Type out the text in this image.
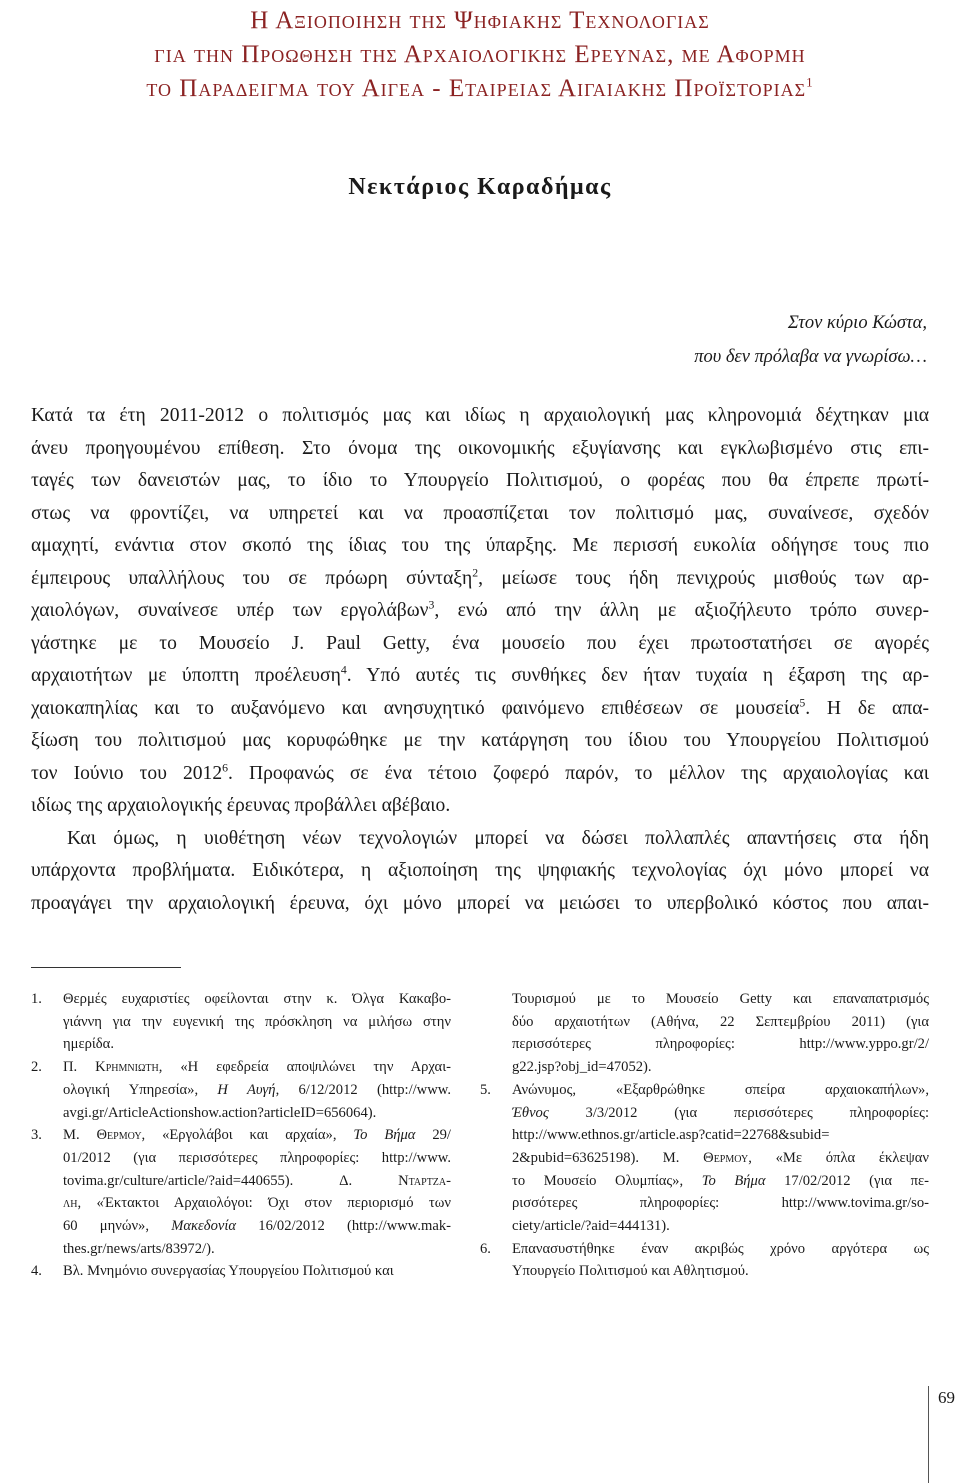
Η Αξιοποιηση της Ψηφιακης Τεχνολογιας
για την Προωθηση της Αρχαιολογικης Ερευνας, με Αφορμη
το Παραδειγμα του Αιγεα - Εταιρειας Αιγαιακης Προϊστοριας$^1$
Νεκτάριος Καραδήμας
Στον κύριο Κώστα,
που δεν πρόλαβα να γνωρίσω…

Κατά τα έτη 2011-2012 ο πολιτισμός μας και ιδίως η αρχαιολογική μας κληρονομιά δέχτηκαν μια
άνευ προηγουμένου επίθεση. Στο όνομα της οικονομικής εξυγίανσης και εγκλωβισμένο στις επι-
ταγές των δανειστών μας, το ίδιο το Υπουργείο Πολιτισμού, ο φορέας που θα έπρεπε πρωτί-
στως να φροντίζει, να υπηρετεί και να προασπίζεται τον πολιτισμό μας, συναίνεσε, σχεδόν
αμαχητί, ενάντια στον σκοπό της ίδιας του της ύπαρξης. Με περισσή ευκολία οδήγησε τους πιο
έμπειρους υπαλλήλους του σε πρόωρη σύνταξη$^2$, μείωσε τους ήδη πενιχρούς μισθούς των αρ-
χαιολόγων, συναίνεσε υπέρ των εργολάβων$^3$, ενώ από την άλλη με αξιοζήλευτο τρόπο συνερ-
γάστηκε με το Μουσείο J. Paul Getty, ένα μουσείο που έχει πρωτοστατήσει σε αγορές
αρχαιοτήτων με ύποπτη προέλευση$^4$. Υπό αυτές τις συνθήκες δεν ήταν τυχαία η έξαρση της αρ-
χαιοκαπηλίας και το αυξανόμενο και ανησυχητικό φαινόμενο επιθέσεων σε μουσεία$^5$. Η δε απα-
ξίωση του πολιτισμού μας κορυφώθηκε με την κατάργηση του ίδιου του Υπουργείου Πολιτισμού
τον Ιούνιο του 2012$^6$. Προφανώς σε ένα τέτοιο ζοφερό παρόν, το μέλλον της αρχαιολογίας και
ιδίως της αρχαιολογικής έρευνας προβάλλει αβέβαιο.

Και όμως, η υιοθέτηση νέων τεχνολογιών μπορεί να δώσει πολλαπλές απαντήσεις στα ήδη
υπάρχοντα προβλήματα. Ειδικότερα, η αξιοποίηση της ψηφιακής τεχνολογίας όχι μόνο μπορεί να
προαγάγει την αρχαιολογική έρευνα, όχι μόνο μπορεί να μειώσει το υπερβολικό κόστος που απαι-

1. Θερμές ευχαριστίες οφείλονται στην κ. Όλγα Κακαβο-
γιάννη για την ευγενική της πρόσκληση να μιλήσω στην
ημερίδα.
2. Π. Κρημνιωτη, «Η εφεδρεία αποψιλώνει την Αρχαι-
ολογική Υπηρεσία», Η Αυγή, 6/12/2012 (http://www.
avgi.gr/ArticleActionshow.action?articleID=656064).
3. Μ. Θερμου, «Εργολάβοι και αρχαία», Το Βήμα 29/
01/2012 (για περισσότερες πληροφορίες: http://www.
tovima.gr/culture/article/?aid=440655). Δ. Νταρτζα-
λη, «Έκτακτοι Αρχαιολόγοι: Όχι στον περιορισμό των
60 μηνών», Μακεδονία 16/02/2012 (http://www.mak-
thes.gr/news/arts/83972/).
4. Βλ. Μνημόνιο συνεργασίας Υπουργείου Πολιτισμού και
Τουρισμού με το Μουσείο Getty και επαναπατρισμός
δύο αρχαιοτήτων (Αθήνα, 22 Σεπτεμβρίου 2011) (για
περισσότερες πληροφορίες: http://www.yppo.gr/2/
g22.jsp?obj_id=47052).
5. Ανώνυμος, «Εξαρθρώθηκε σπείρα αρχαιοκαπήλων»,
Έθνος 3/3/2012 (για περισσότερες πληροφορίες:
http://www.ethnos.gr/article.asp?catid=22768&subid=
2&pubid=63625198). Μ. Θερμου, «Με όπλα έκλεψαν
το Μουσείο Ολυμπίας», Το Βήμα 17/02/2012 (για πε-
ρισσότερες πληροφορίες: http://www.tovima.gr/so-
ciety/article/?aid=444131).
6. Επανασυστήθηκε έναν ακριβώς χρόνο αργότερα ως
Υπουργείο Πολιτισμού και Αθλητισμού.
69
